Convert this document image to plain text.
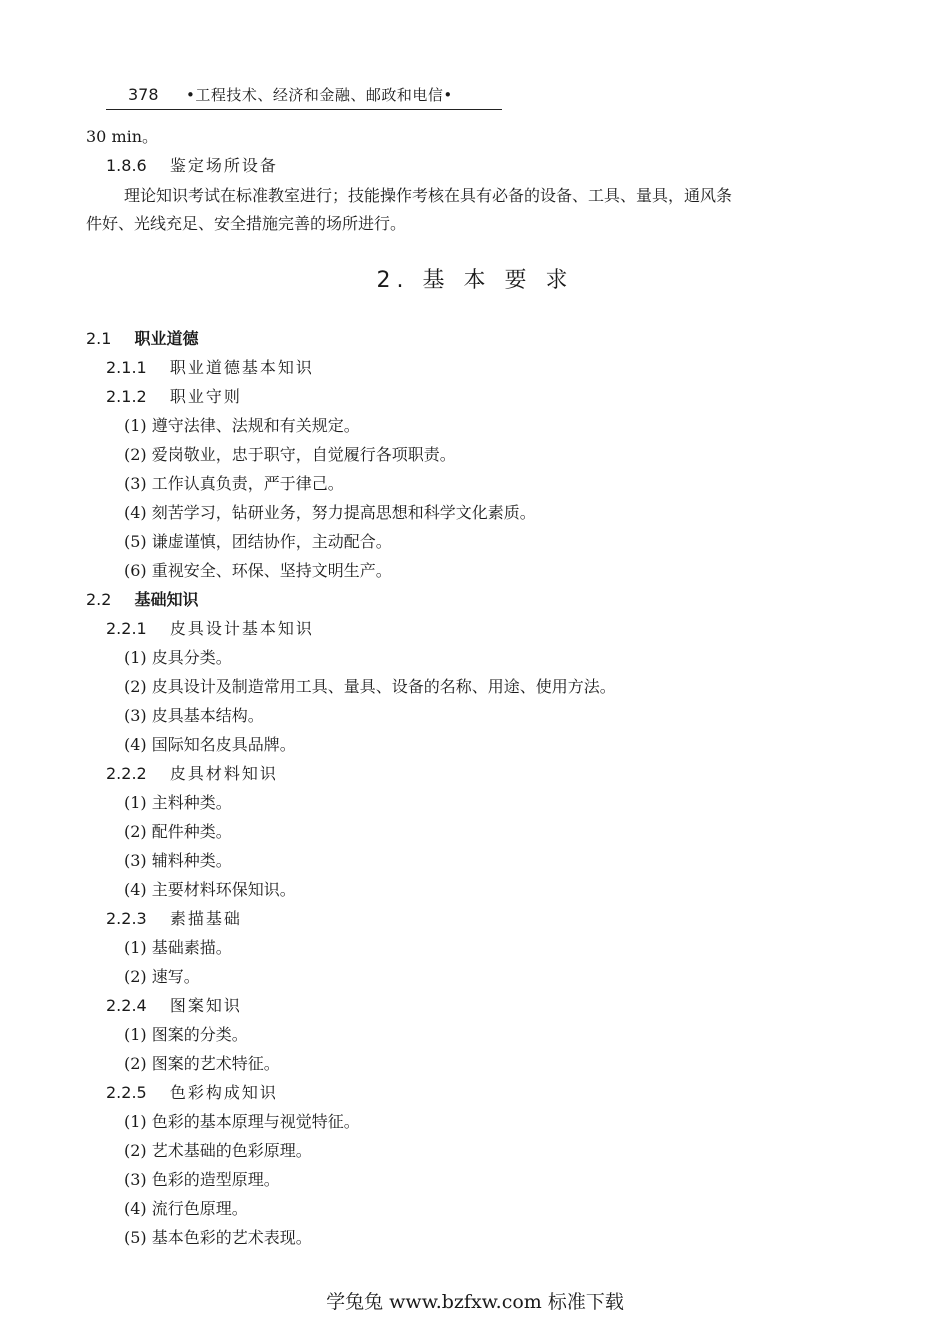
378 •工程技术、经济和金融、邮政和电信•
30 min。
1.8.6 鉴定场所设备
理论知识考试在标准教室进行；技能操作考核在具有必备的设备、工具、量具，通风条
件好、光线充足、安全措施完善的场所进行。
2. 基 本 要 求
2.1 职业道德
2.1.1 职业道德基本知识
2.1.2 职业守则
(1) 遵守法律、法规和有关规定。
(2) 爱岗敬业，忠于职守，自觉履行各项职责。
(3) 工作认真负责，严于律己。
(4) 刻苦学习，钻研业务，努力提高思想和科学文化素质。
(5) 谦虚谨慎，团结协作，主动配合。
(6) 重视安全、环保、坚持文明生产。
2.2 基础知识
2.2.1 皮具设计基本知识
(1) 皮具分类。
(2) 皮具设计及制造常用工具、量具、设备的名称、用途、使用方法。
(3) 皮具基本结构。
(4) 国际知名皮具品牌。
2.2.2 皮具材料知识
(1) 主料种类。
(2) 配件种类。
(3) 辅料种类。
(4) 主要材料环保知识。
2.2.3 素描基础
(1) 基础素描。
(2) 速写。
2.2.4 图案知识
(1) 图案的分类。
(2) 图案的艺术特征。
2.2.5 色彩构成知识
(1) 色彩的基本原理与视觉特征。
(2) 艺术基础的色彩原理。
(3) 色彩的造型原理。
(4) 流行色原理。
(5) 基本色彩的艺术表现。
学兔兔 www.bzfxw.com 标准下载
